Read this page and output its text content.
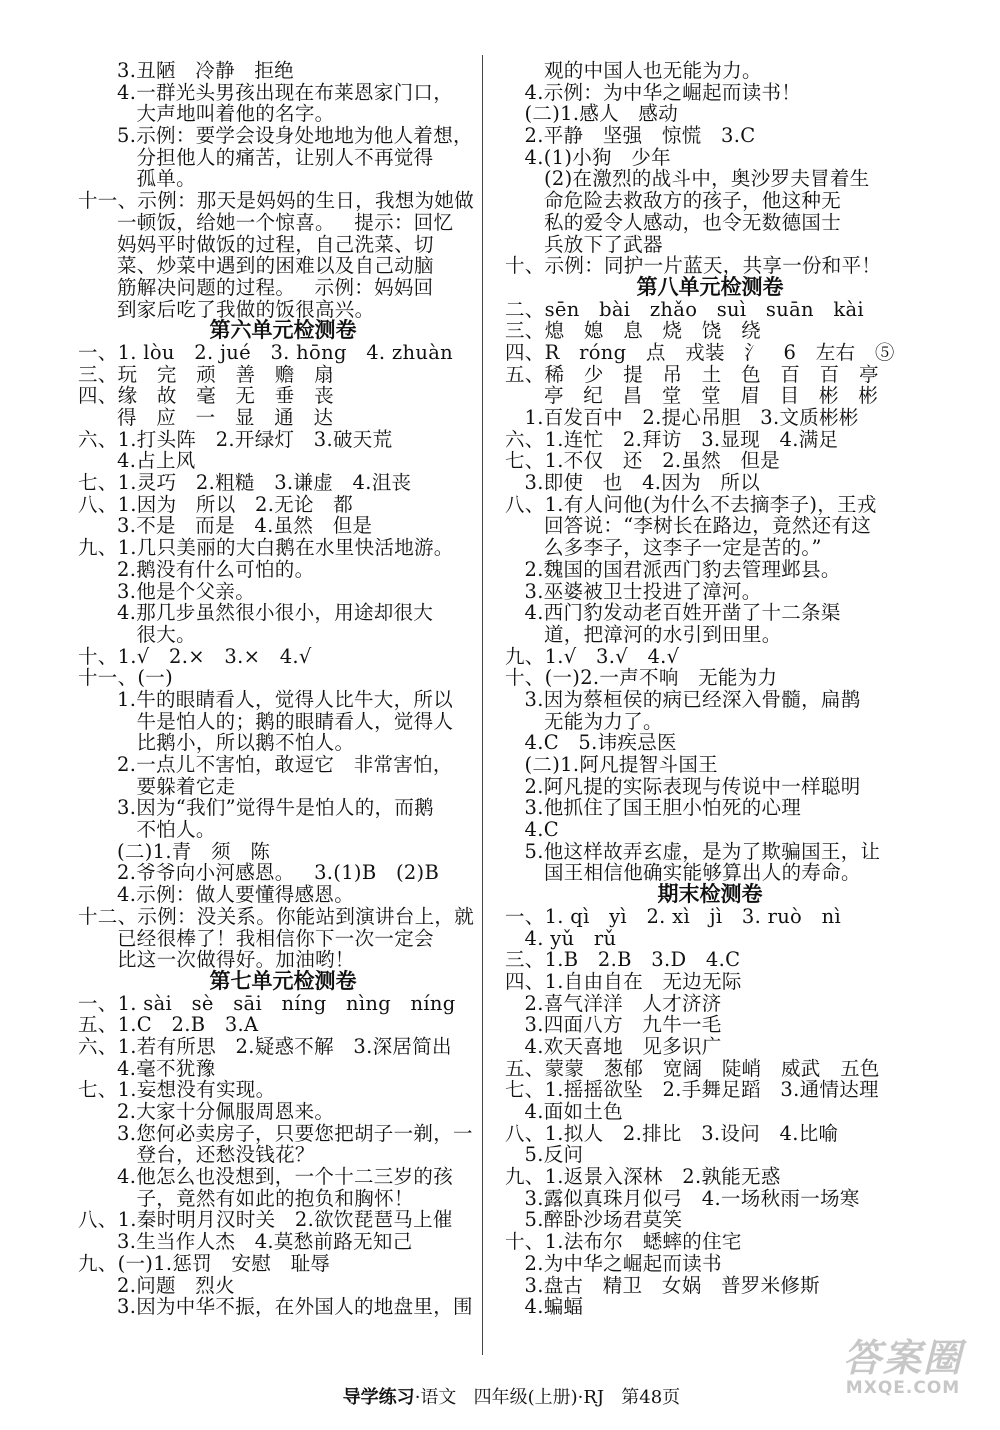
3.丑陋   冷静   拒绝
4.一群光头男孩出现在布莱恩家门口，
大声地叫着他的名字。
5.示例：要学会设身处地地为他人着想，
分担他人的痛苦，让别人不再觉得
孤单。
十一、示例：那天是妈妈的生日，我想为她做
一顿饭，给她一个惊喜。   提示：回忆
妈妈平时做饭的过程，自己洗菜、切
菜、炒菜中遇到的困难以及自己动脑
筋解决问题的过程。   示例：妈妈回
到家后吃了我做的饭很高兴。
第六单元检测卷
一、1. lòu   2. jué   3. hōng   4. zhuàn
三、玩   完   顽   善   赡   扇
四、缘   故   毫   无   垂   丧
得   应   一   显   通   达
六、1.打头阵   2.开绿灯   3.破天荒
4.占上风
七、1.灵巧   2.粗糙   3.谦虚   4.沮丧
八、1.因为   所以   2.无论   都
3.不是   而是   4.虽然   但是
九、1.几只美丽的大白鹅在水里快活地游。
2.鹅没有什么可怕的。
3.他是个父亲。
4.那几步虽然很小很小，用途却很大
很大。
十、1.√   2.×   3.×   4.√
十一、(一)
1.牛的眼睛看人，觉得人比牛大，所以
牛是怕人的；鹅的眼睛看人，觉得人
比鹅小，所以鹅不怕人。
2.一点儿不害怕，敢逗它   非常害怕，
要躲着它走
3.因为“我们”觉得牛是怕人的，而鹅
不怕人。
(二)1.青   须   陈
2.爷爷向小河感恩。   3.(1)B   (2)B
4.示例：做人要懂得感恩。
十二、示例：没关系。你能站到演讲台上，就
已经很棒了！我相信你下一次一定会
比这一次做得好。加油哟！
第七单元检测卷
一、1. sài   sè   sāi   níng   nìng   níng
五、1.C   2.B   3.A
六、1.若有所思   2.疑惑不解   3.深居简出
4.毫不犹豫
七、1.妄想没有实现。
2.大家十分佩服周恩来。
3.您何必卖房子，只要您把胡子一剃，一
登台，还愁没钱花？
4.他怎么也没想到，一个十二三岁的孩
子，竟然有如此的抱负和胸怀！
八、1.秦时明月汉时关   2.欲饮琵琶马上催
3.生当作人杰   4.莫愁前路无知己
九、(一)1.惩罚   安慰   耻辱
2.问题   烈火
3.因为中华不振，在外国人的地盘里，围
观的中国人也无能为力。
4.示例：为中华之崛起而读书！
(二)1.感人   感动
2.平静   坚强   惊慌   3.C
4.(1)小狗   少年
(2)在激烈的战斗中，奥沙罗夫冒着生
命危险去救敌方的孩子，他这种无
私的爱令人感动，也令无数德国士
兵放下了武器
十、示例：同护一片蓝天，共享一份和平！
第八单元检测卷
二、sēn   bài   zhǎo   suì   suān   kài
三、熄   媳   息   烧   饶   绕
四、R   róng   点   戎装   氵   6   左右   ⑤
五、稀   少   提   吊   土   色   百   百   亭
亭   纪   昌   堂   堂   眉   目   彬   彬
1.百发百中   2.提心吊胆   3.文质彬彬
六、1.连忙   2.拜访   3.显现   4.满足
七、1.不仅   还   2.虽然   但是
3.即使   也   4.因为   所以
八、1.有人问他(为什么不去摘李子)，王戎
回答说：“李树长在路边，竟然还有这
么多李子，这李子一定是苦的。”
2.魏国的国君派西门豹去管理邺县。
3.巫婆被卫士投进了漳河。
4.西门豹发动老百姓开凿了十二条渠
道，把漳河的水引到田里。
九、1.√   3.√   4.√
十、(一)2.一声不响   无能为力
3.因为蔡桓侯的病已经深入骨髓，扁鹊
无能为力了。
4.C   5.讳疾忌医
(二)1.阿凡提智斗国王
2.阿凡提的实际表现与传说中一样聪明
3.他抓住了国王胆小怕死的心理
4.C
5.他这样故弄玄虚，是为了欺骗国王，让
国王相信他确实能够算出人的寿命。
期末检测卷
一、1. qì   yì   2. xì   jì   3. ruò   nì
4. yǔ   rǔ
三、1.B   2.B   3.D   4.C
四、1.自由自在   无边无际
2.喜气洋洋   人才济济
3.四面八方   九牛一毛
4.欢天喜地   见多识广
五、蒙蒙   葱郁   宽阔   陡峭   威武   五色
七、1.摇摇欲坠   2.手舞足蹈   3.通情达理
4.面如土色
八、1.拟人   2.排比   3.设问   4.比喻
5.反问
九、1.返景入深林   2.孰能无惑
3.露似真珠月似弓   4.一场秋雨一场寒
5.醉卧沙场君莫笑
十、1.法布尔   蟋蟀的住宅
2.为中华之崛起而读书
3.盘古   精卫   女娲   普罗米修斯
4.蝙蝠

导学练习·语文   四年级(上册)·RJ   第48页

答案圈
MXQE.COM
